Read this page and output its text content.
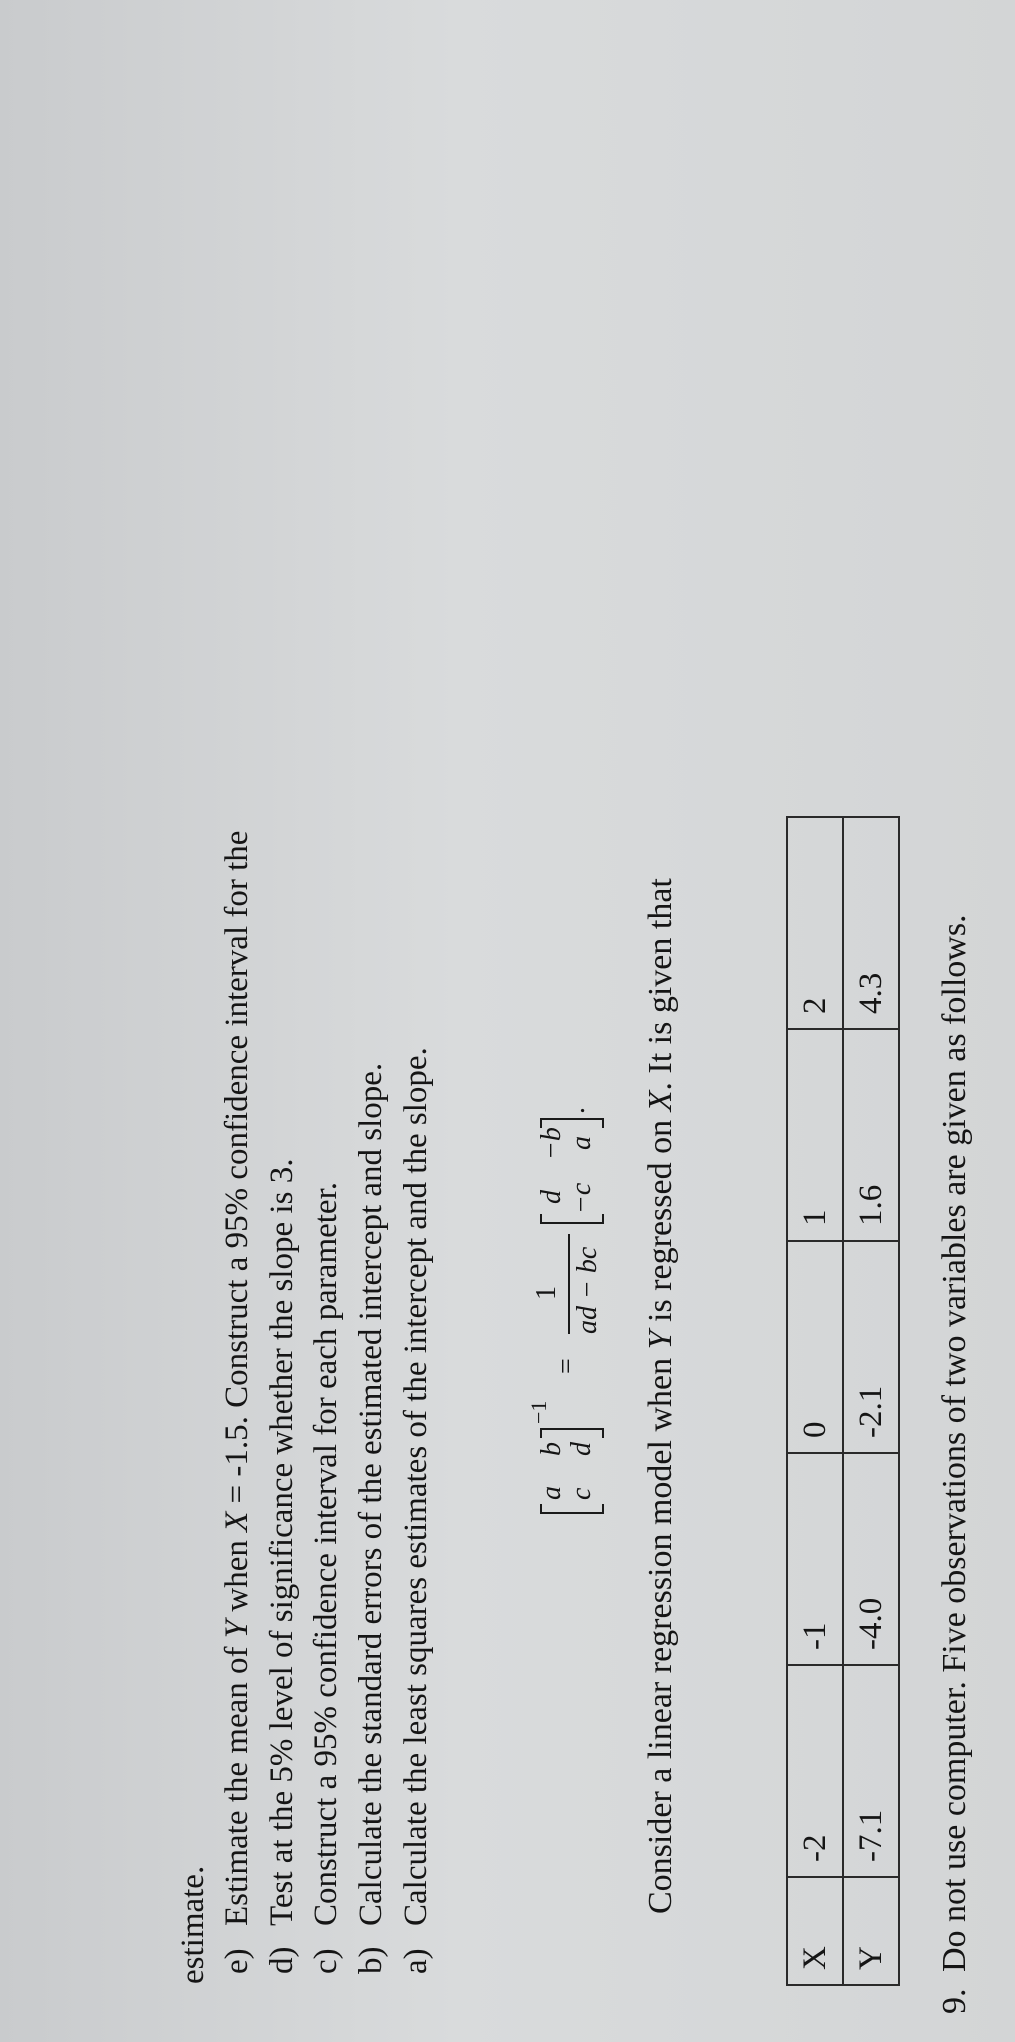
9.Do not use computer. Five observations of two variables are given as follows.
X	-2	-1	0	1	2
Y	-7.1	-4.0	-2.1	1.6	4.3
Consider a linear regression model when Y is regressed on X. It is given that
a
b
c
d
−1
=
1 ad − bc
d
−b
−c
a
.
a)Calculate the least squares estimates of the intercept and the slope.
b)Calculate the standard errors of the estimated intercept and slope.
c)Construct a 95% confidence interval for each parameter.
d)Test at the 5% level of significance whether the slope is 3.
e)Estimate the mean of Y when X = -1.5. Construct a 95% confidence interval for the
estimate.
